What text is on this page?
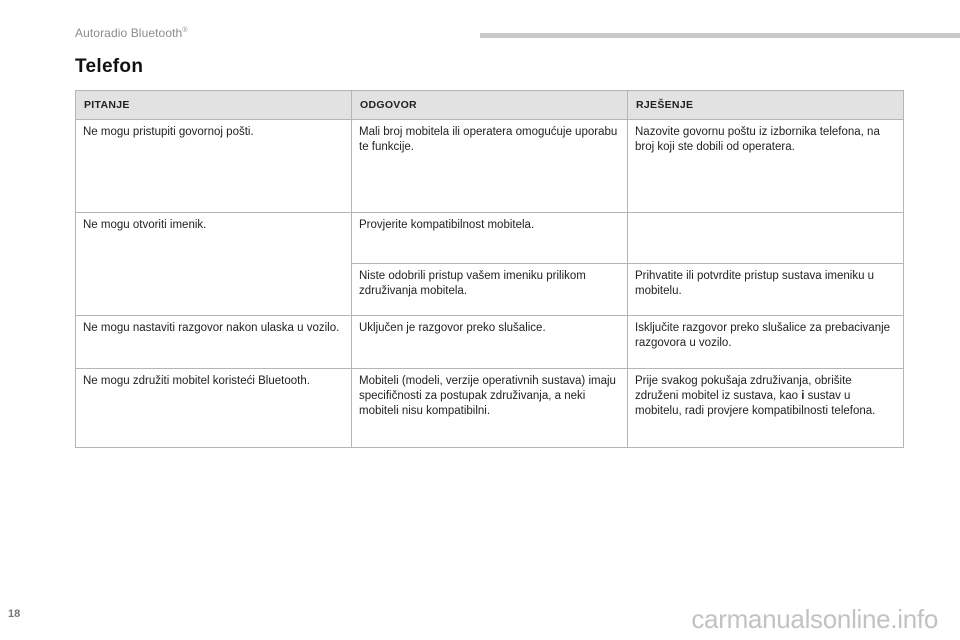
Autoradio Bluetooth®
Telefon
PITANJE	ODGOVOR	RJEŠENJE
Ne mogu pristupiti govornoj pošti.	Mali broj mobitela ili operatera omogućuje uporabu te funkcije.	Nazovite govornu poštu iz izbornika telefona, na broj koji ste dobili od operatera.
Ne mogu otvoriti imenik.	Provjerite kompatibilnost mobitela.	
	Niste odobrili pristup vašem imeniku prilikom združivanja mobitela.	Prihvatite ili potvrdite pristup sustava imeniku u mobitelu.
Ne mogu nastaviti razgovor nakon ulaska u vozilo.	Uključen je razgovor preko slušalice.	Isključite razgovor preko slušalice za prebacivanje razgovora u vozilo.
Ne mogu združiti mobitel koristeći Bluetooth.	Mobiteli (modeli, verzije operativnih sustava) imaju specifičnosti za postupak združivanja, a neki mobiteli nisu kompatibilni.	Prije svakog pokušaja združivanja, obrišite združeni mobitel iz sustava, kao i sustav u mobitelu, radi provjere kompatibilnosti telefona.
18	carmanualsonline.info
